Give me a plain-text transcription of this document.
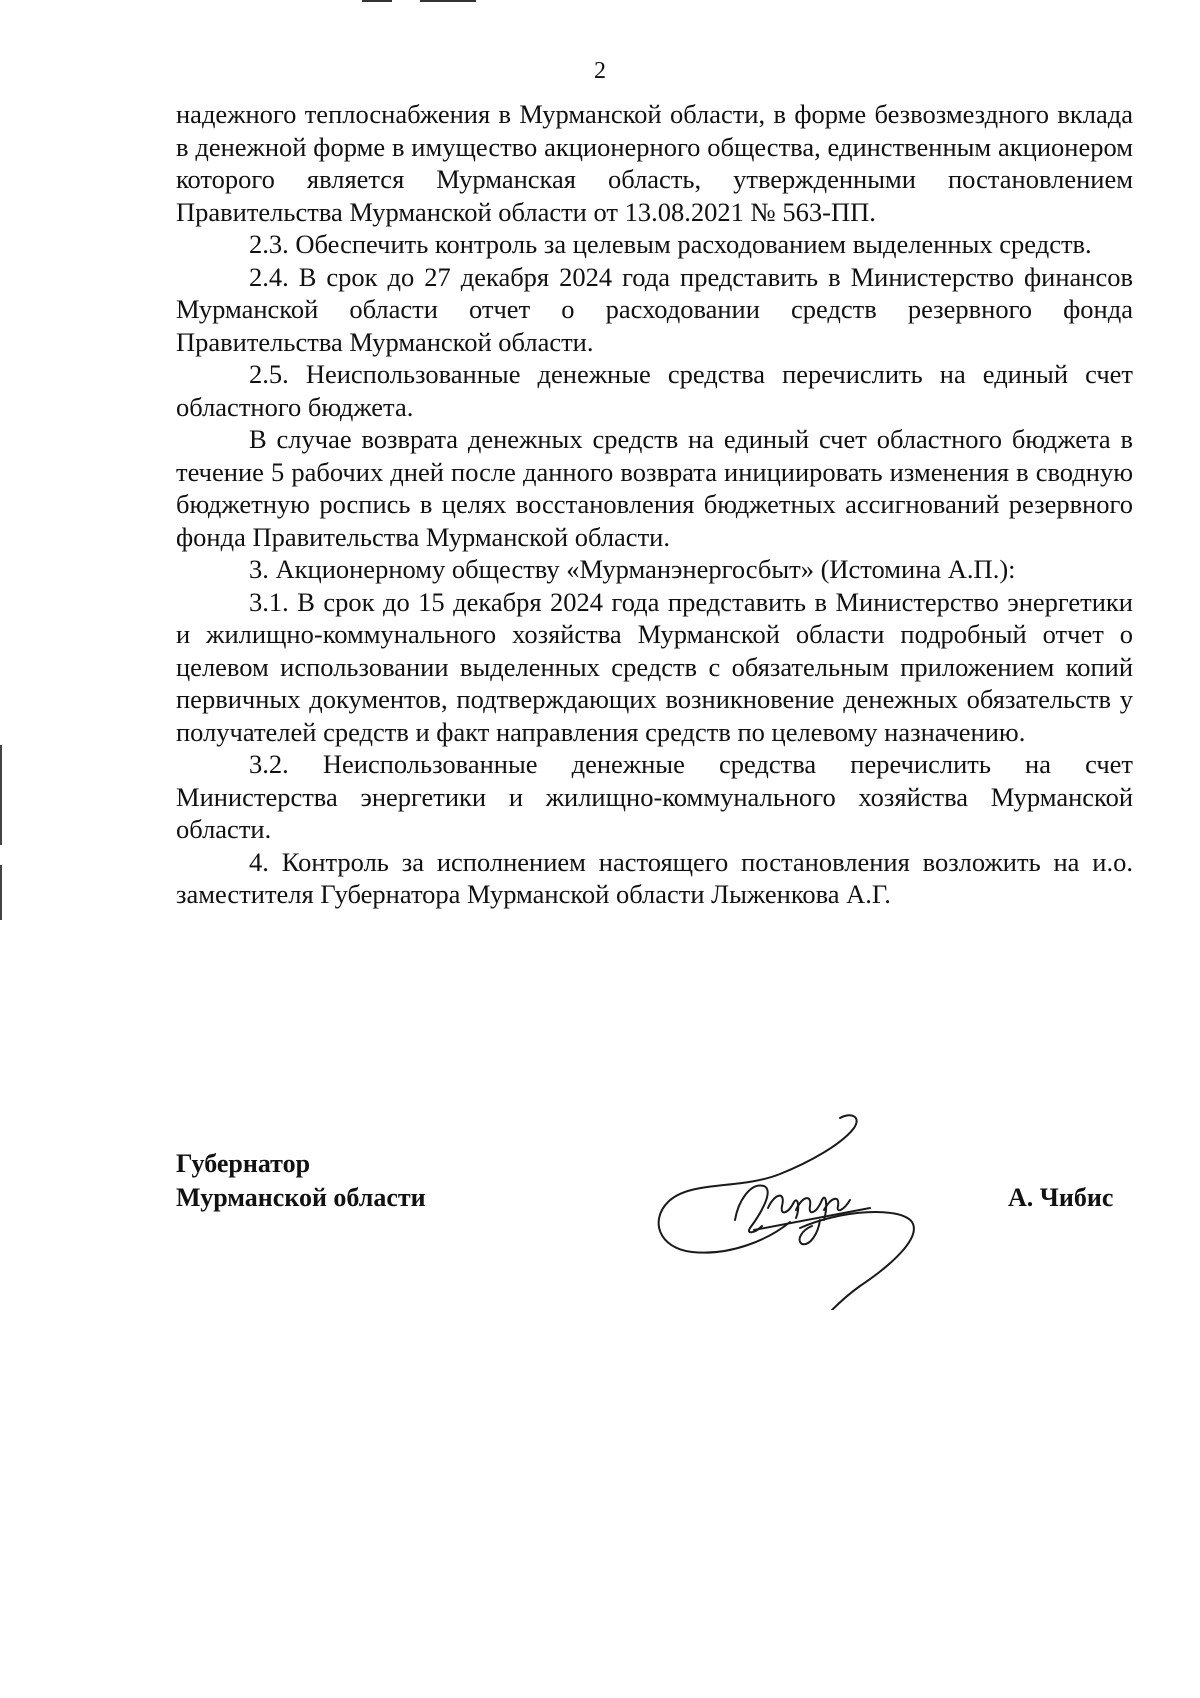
2

надежного теплоснабжения в Мурманской области, в форме безвозмездного вклада в денежной форме в имущество акционерного общества, единственным акционером которого является Мурманская область, утвержденными постановлением Правительства Мурманской области от 13.08.2021 № 563-ПП.

2.3. Обеспечить контроль за целевым расходованием выделенных средств.

2.4. В срок до 27 декабря 2024 года представить в Министерство финансов Мурманской области отчет о расходовании средств резервного фонда Правительства Мурманской области.

2.5. Неиспользованные денежные средства перечислить на единый счет областного бюджета.

В случае возврата денежных средств на единый счет областного бюджета в течение 5 рабочих дней после данного возврата инициировать изменения в сводную бюджетную роспись в целях восстановления бюджетных ассигнований резервного фонда Правительства Мурманской области.

3. Акционерному обществу «Мурманэнергосбыт» (Истомина А.П.):

3.1. В срок до 15 декабря 2024 года представить в Министерство энергетики и жилищно-коммунального хозяйства Мурманской области подробный отчет о целевом использовании выделенных средств с обязательным приложением копий первичных документов, подтверждающих возникновение денежных обязательств у получателей средств и факт направления средств по целевому назначению.

3.2. Неиспользованные денежные средства перечислить на счет Министерства энергетики и жилищно-коммунального хозяйства Мурманской области.

4. Контроль за исполнением настоящего постановления возложить на и.о. заместителя Губернатора Мурманской области Лыженкова А.Г.

Губернатор
Мурманской области	А. Чибис
